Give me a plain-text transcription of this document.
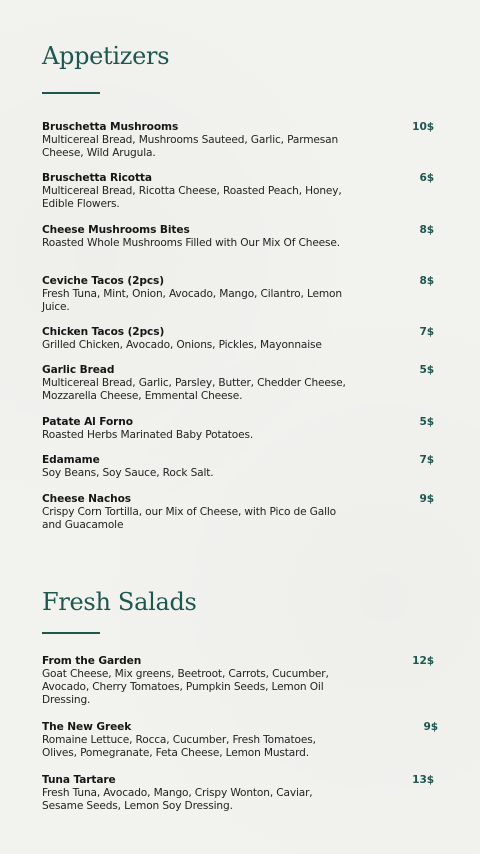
Appetizers
Bruschetta Mushrooms
Multicereal Bread, Mushrooms Sauteed, Garlic, Parmesan Cheese, Wild Arugula.
10$
Bruschetta Ricotta
Multicereal Bread, Ricotta Cheese, Roasted Peach, Honey, Edible Flowers.
6$
Cheese Mushrooms Bites
Roasted Whole Mushrooms Filled with Our Mix Of Cheese.
8$
Ceviche Tacos (2pcs)
Fresh Tuna, Mint, Onion, Avocado, Mango, Cilantro, Lemon Juice.
8$
Chicken Tacos (2pcs)
Grilled Chicken, Avocado, Onions, Pickles, Mayonnaise
7$
Garlic Bread
Multicereal Bread, Garlic, Parsley, Butter, Chedder Cheese, Mozzarella Cheese, Emmental Cheese.
5$
Patate Al Forno
Roasted Herbs Marinated Baby Potatoes.
5$
Edamame
Soy Beans, Soy Sauce, Rock Salt.
7$
Cheese Nachos
Crispy Corn Tortilla, our Mix of Cheese, with Pico de Gallo and Guacamole
9$
Fresh Salads
From the Garden
Goat Cheese, Mix greens, Beetroot, Carrots, Cucumber, Avocado, Cherry Tomatoes, Pumpkin Seeds, Lemon Oil Dressing.
12$
The New Greek
Romaine Lettuce, Rocca, Cucumber, Fresh Tomatoes, Olives, Pomegranate, Feta Cheese, Lemon Mustard.
9$
Tuna Tartare
Fresh Tuna, Avocado, Mango, Crispy Wonton, Caviar, Sesame Seeds, Lemon Soy Dressing.
13$
